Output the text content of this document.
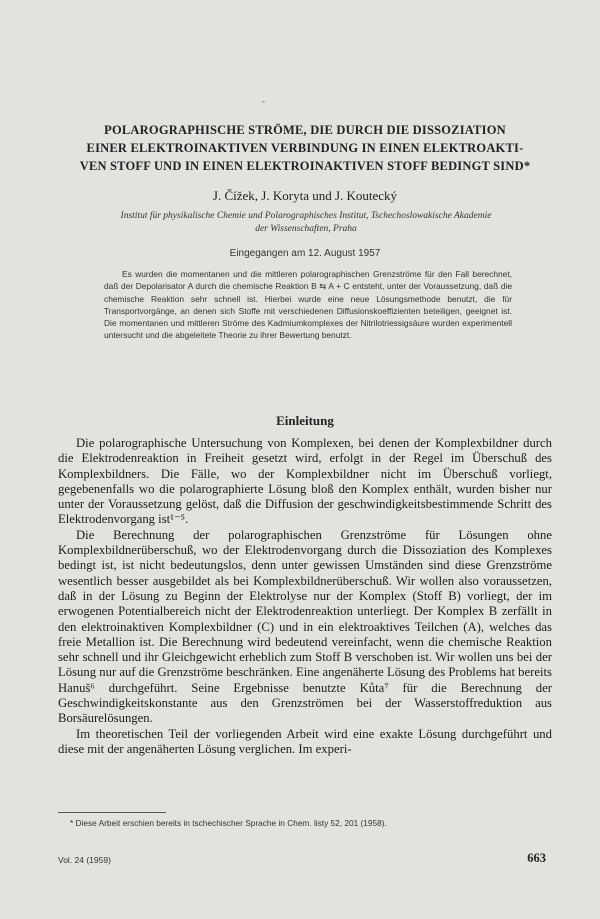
-
POLAROGRAPHISCHE STRÖME, DIE DURCH DIE DISSOZIATION
EINER ELEKTROINAKTIVEN VERBINDUNG IN EINEN ELEKTROAKTI-
VEN STOFF UND IN EINEN ELEKTROINAKTIVEN STOFF BEDINGT SIND*
J. Čížek, J. Koryta und J. Koutecký
Institut für physikalische Chemie und Polarographisches Institut, Tschechoslowakische Akademie
der Wissenschaften, Praha
Eingegangen am 12. August 1957

Es wurden die momentanen und die mittleren polarographischen Grenzströme für den Fall berechnet, daß der Depolarisator A durch die chemische Reaktion B ⇆ A + C entsteht, unter der Voraussetzung, daß die chemische Reaktion sehr schnell ist. Hierbei wurde eine neue Lösungsmethode benutzt, die für Transportvorgänge, an denen sich Stoffe mit verschiedenen Diffusionskoeffizienten beteiligen, geeignet ist. Die momentanen und mittleren Ströme des Kadmiumkomplexes der Nitrilotriessigsäure wurden experimentell untersucht und die abgeleitete Theorie zu ihrer Bewertung benutzt.

Einleitung

Die polarographische Untersuchung von Komplexen, bei denen der Komplexbildner durch die Elektrodenreaktion in Freiheit gesetzt wird, erfolgt in der Regel im Überschuß des Komplexbildners. Die Fälle, wo der Komplexbildner nicht im Überschuß vorliegt, gegebenenfalls wo die polarographierte Lösung bloß den Komplex enthält, wurden bisher nur unter der Voraussetzung gelöst, daß die Diffusion der geschwindigkeitsbestimmende Schritt des Elektrodenvorgang ist¹⁻⁵.

Die Berechnung der polarographischen Grenzströme für Lösungen ohne Komplexbildnerüberschuß, wo der Elektrodenvorgang durch die Dissoziation des Komplexes bedingt ist, ist nicht bedeutungslos, denn unter gewissen Umständen sind diese Grenzströme wesentlich besser ausgebildet als bei Komplexbildnerüberschuß. Wir wollen also voraussetzen, daß in der Lösung zu Beginn der Elektrolyse nur der Komplex (Stoff B) vorliegt, der im erwogenen Potentialbereich nicht der Elektrodenreaktion unterliegt. Der Komplex B zerfällt in den elektroinaktiven Komplexbildner (C) und in ein elektroaktives Teilchen (A), welches das freie Metallion ist. Die Berechnung wird bedeutend vereinfacht, wenn die chemische Reaktion sehr schnell und ihr Gleichgewicht erheblich zum Stoff B verschoben ist. Wir wollen uns bei der Lösung nur auf die Grenzströme beschränken. Eine angenäherte Lösung des Problems hat bereits Hanuš⁶ durchgeführt. Seine Ergebnisse benutzte Kůta⁷ für die Berechnung der Geschwindigkeitskonstante aus den Grenzströmen bei der Wasserstoffreduktion aus Borsäurelösungen.

Im theoretischen Teil der vorliegenden Arbeit wird eine exakte Lösung durchgeführt und diese mit der angenäherten Lösung verglichen. Im experi-

* Diese Arbeit erschien bereits in tschechischer Sprache in Chem. listy 52, 201 (1958).
Vol. 24 (1959)	663
